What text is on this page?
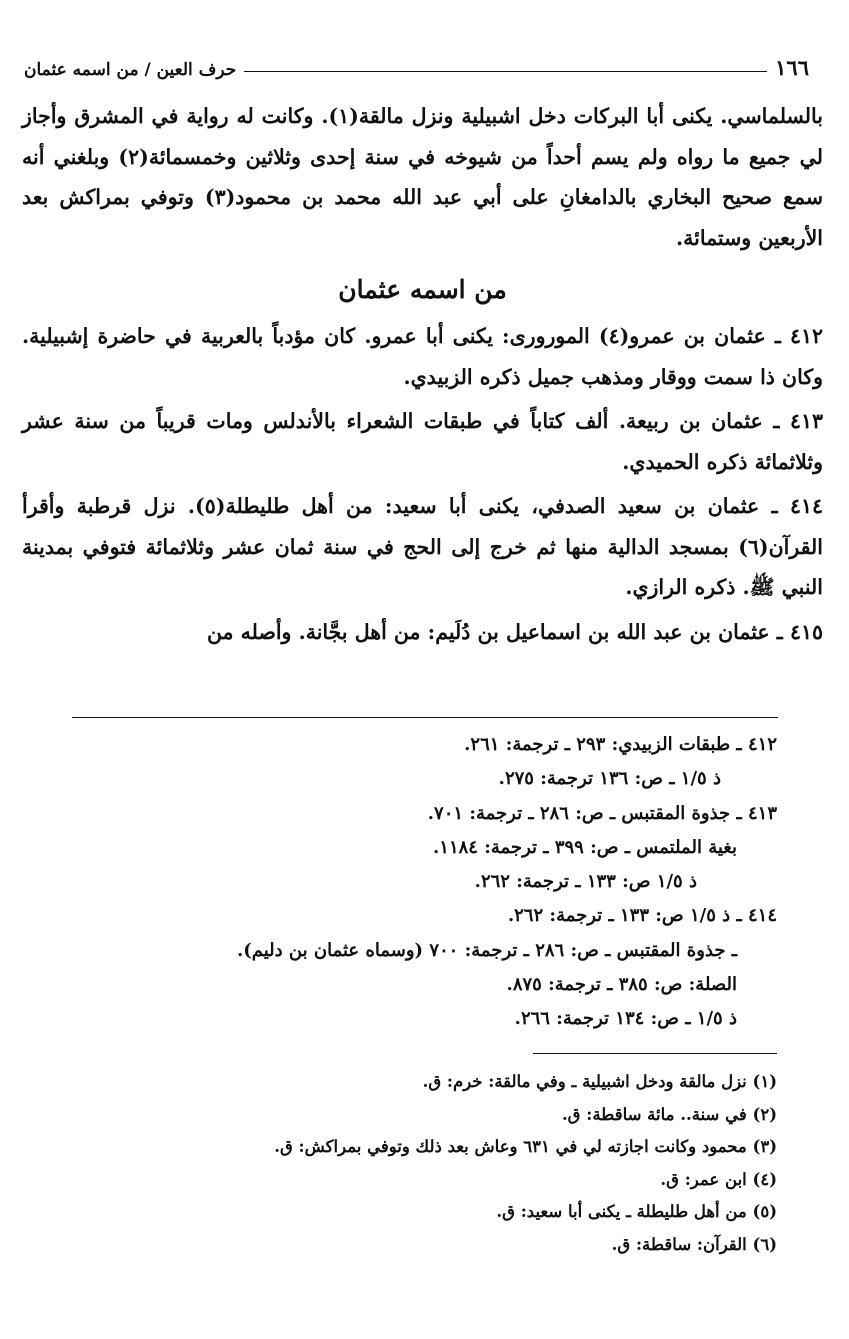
١٦٦
حرف العين / من اسمه عثمان

بالسلماسي. يكنى أبا البركات دخل اشبيلية ونزل مالقة(١). وكانت له رواية في المشرق وأجاز لي جميع ما رواه ولم يسم أحداً من شيوخه في سنة إحدى وثلاثين وخمسمائة(٢) وبلغني أنه سمع صحيح البخاري بالدامغانِ على أبي عبد الله محمد بن محمود(٣) وتوفي بمراكش بعد الأربعين وستمائة.

من اسمه عثمان

٤١٢ ـ عثمان بن عمرو(٤) المورورى: يكنى أبا عمرو. كان مؤدباً بالعربية في حاضرة إشبيلية. وكان ذا سمت ووقار ومذهب جميل ذكره الزبيدي.

٤١٣ ـ عثمان بن ربيعة. ألف كتاباً في طبقات الشعراء بالأندلس ومات قريباً من سنة عشر وثلاثمائة ذكره الحميدي.

٤١٤ ـ عثمان بن سعيد الصدفي، يكنى أبا سعيد: من أهل طليطلة(٥). نزل قرطبة وأقرأ القرآن(٦) بمسجد الدالية منها ثم خرج إلى الحج في سنة ثمان عشر وثلاثمائة فتوفي بمدينة النبي ﷺ. ذكره الرازي.

٤١٥ ـ عثمان بن عبد الله بن اسماعيل بن دُلَيم: من أهل بجَّانة. وأصله من

٤١٢ ـ طبقات الزبيدي: ٢٩٣ ـ ترجمة: ٢٦١.
ذ ١/٥ ـ ص: ١٣٦ ترجمة: ٢٧٥.
٤١٣ ـ جذوة المقتبس ـ ص: ٢٨٦ ـ ترجمة: ٧٠١.
بغية الملتمس ـ ص: ٣٩٩ ـ ترجمة: ١١٨٤.
ذ ١/٥ ص: ١٣٣ ـ ترجمة: ٢٦٢.
٤١٤ ـ ذ ١/٥ ص: ١٣٣ ـ ترجمة: ٢٦٢.
ـ جذوة المقتبس ـ ص: ٢٨٦ ـ ترجمة: ٧٠٠ (وسماه عثمان بن دليم).
الصلة: ص: ٣٨٥ ـ ترجمة: ٨٧٥.
ذ ١/٥ ـ ص: ١٣٤ ترجمة: ٢٦٦.
(١) نزل مالقة ودخل اشبيلية ـ وفي مالقة: خرم: ق.
(٢) في سنة.. مائة ساقطة: ق.
(٣) محمود وكانت اجازته لي في ٦٣١ وعاش بعد ذلك وتوفي بمراكش: ق.
(٤) ابن عمر: ق.
(٥) من أهل طليطلة ـ يكنى أبا سعيد: ق.
(٦) القرآن: ساقطة: ق.
